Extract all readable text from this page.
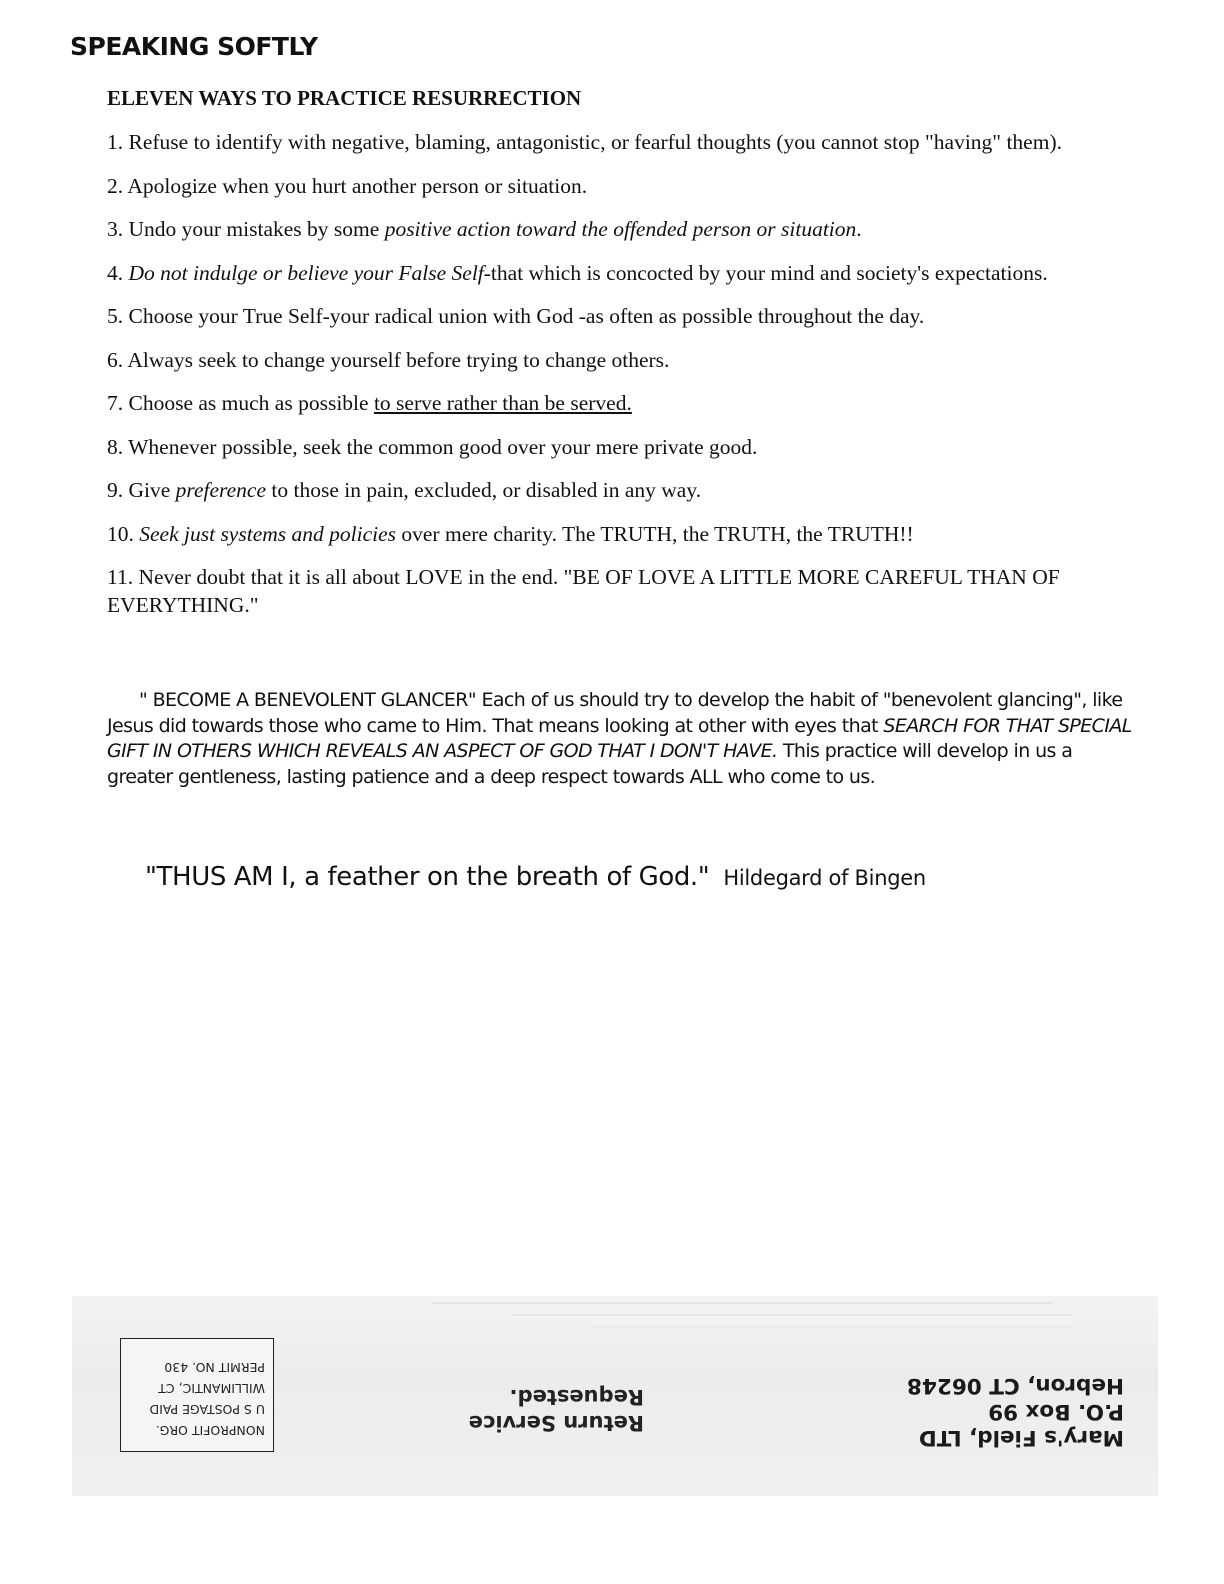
SPEAKING SOFTLY
ELEVEN WAYS TO PRACTICE RESURRECTION
1. Refuse to identify with negative, blaming, antagonistic, or fearful thoughts (you cannot stop "having" them).
2. Apologize when you hurt another person or situation.
3. Undo your mistakes by some positive action toward the offended person or situation.
4. Do not indulge or believe your False Self-that which is concocted by your mind and society's expectations.
5. Choose your True Self-your radical union with God -as often as possible throughout the day.
6. Always seek to change yourself before trying to change others.
7. Choose as much as possible to serve rather than be served.
8. Whenever possible, seek the common good over your mere private good.
9. Give preference to those in pain, excluded, or disabled in any way.
10. Seek just systems and policies over mere charity. The TRUTH, the TRUTH, the TRUTH!!
11. Never doubt that it is all about LOVE in the end. "BE OF LOVE A LITTLE MORE CAREFUL THAN OF EVERYTHING."

" BECOME A BENEVOLENT GLANCER" Each of us should try to develop the habit of "benevolent glancing", like Jesus did towards those who came to Him. That means looking at other with eyes that SEARCH FOR THAT SPECIAL GIFT IN OTHERS WHICH REVEALS AN ASPECT OF GOD THAT I DON'T HAVE. This practice will develop in us a greater gentleness, lasting patience and a deep respect towards ALL who come to us.

"THUS AM I, a feather on the breath of God." Hildegard of Bingen

NONPROFIT ORG.
U S POSTAGE PAID
WILLIMANTIC, CT
PERMIT NO. 430
Return Service
Requested.
Mary's Field, LTD
P.O. Box 99
Hebron, CT 06248
